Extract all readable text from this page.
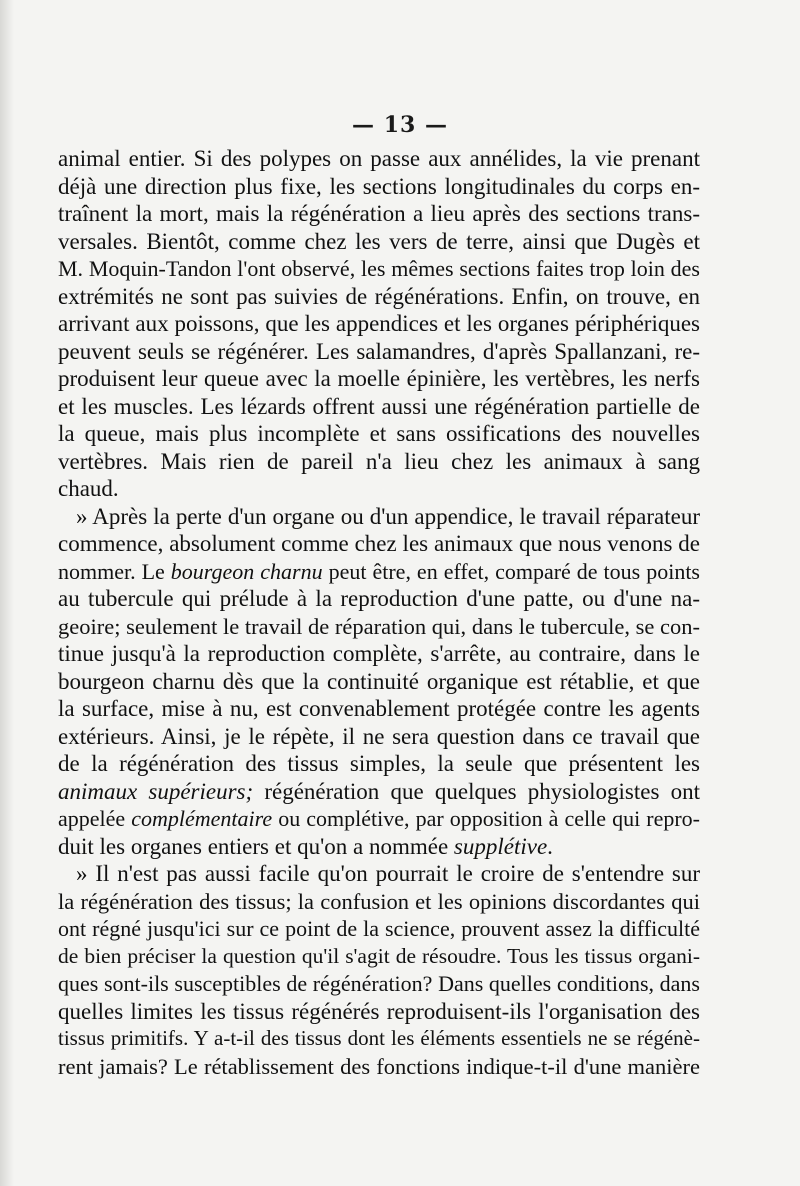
— 13 —

animal entier. Si des polypes on passe aux annélides, la vie prenant
déjà une direction plus fixe, les sections longitudinales du corps en-
traînent la mort, mais la régénération a lieu après des sections trans-
versales. Bientôt, comme chez les vers de terre, ainsi que Dugès et
M. Moquin-Tandon l'ont observé, les mêmes sections faites trop loin des
extrémités ne sont pas suivies de régénérations. Enfin, on trouve, en
arrivant aux poissons, que les appendices et les organes périphériques
peuvent seuls se régénérer. Les salamandres, d'après Spallanzani, re-
produisent leur queue avec la moelle épinière, les vertèbres, les nerfs
et les muscles. Les lézards offrent aussi une régénération partielle de
la queue, mais plus incomplète et sans ossifications des nouvelles
vertèbres. Mais rien de pareil n'a lieu chez les animaux à sang
chaud.

» Après la perte d'un organe ou d'un appendice, le travail réparateur
commence, absolument comme chez les animaux que nous venons de
nommer. Le bourgeon charnu peut être, en effet, comparé de tous points
au tubercule qui prélude à la reproduction d'une patte, ou d'une na-
geoire; seulement le travail de réparation qui, dans le tubercule, se con-
tinue jusqu'à la reproduction complète, s'arrête, au contraire, dans le
bourgeon charnu dès que la continuité organique est rétablie, et que
la surface, mise à nu, est convenablement protégée contre les agents
extérieurs. Ainsi, je le répète, il ne sera question dans ce travail que
de la régénération des tissus simples, la seule que présentent les
animaux supérieurs; régénération que quelques physiologistes ont
appelée complémentaire ou complétive, par opposition à celle qui repro-
duit les organes entiers et qu'on a nommée supplétive.

» Il n'est pas aussi facile qu'on pourrait le croire de s'entendre sur
la régénération des tissus; la confusion et les opinions discordantes qui
ont régné jusqu'ici sur ce point de la science, prouvent assez la difficulté
de bien préciser la question qu'il s'agit de résoudre. Tous les tissus organi-
ques sont-ils susceptibles de régénération? Dans quelles conditions, dans
quelles limites les tissus régénérés reproduisent-ils l'organisation des
tissus primitifs. Y a-t-il des tissus dont les éléments essentiels ne se régénè-
rent jamais? Le rétablissement des fonctions indique-t-il d'une manière
